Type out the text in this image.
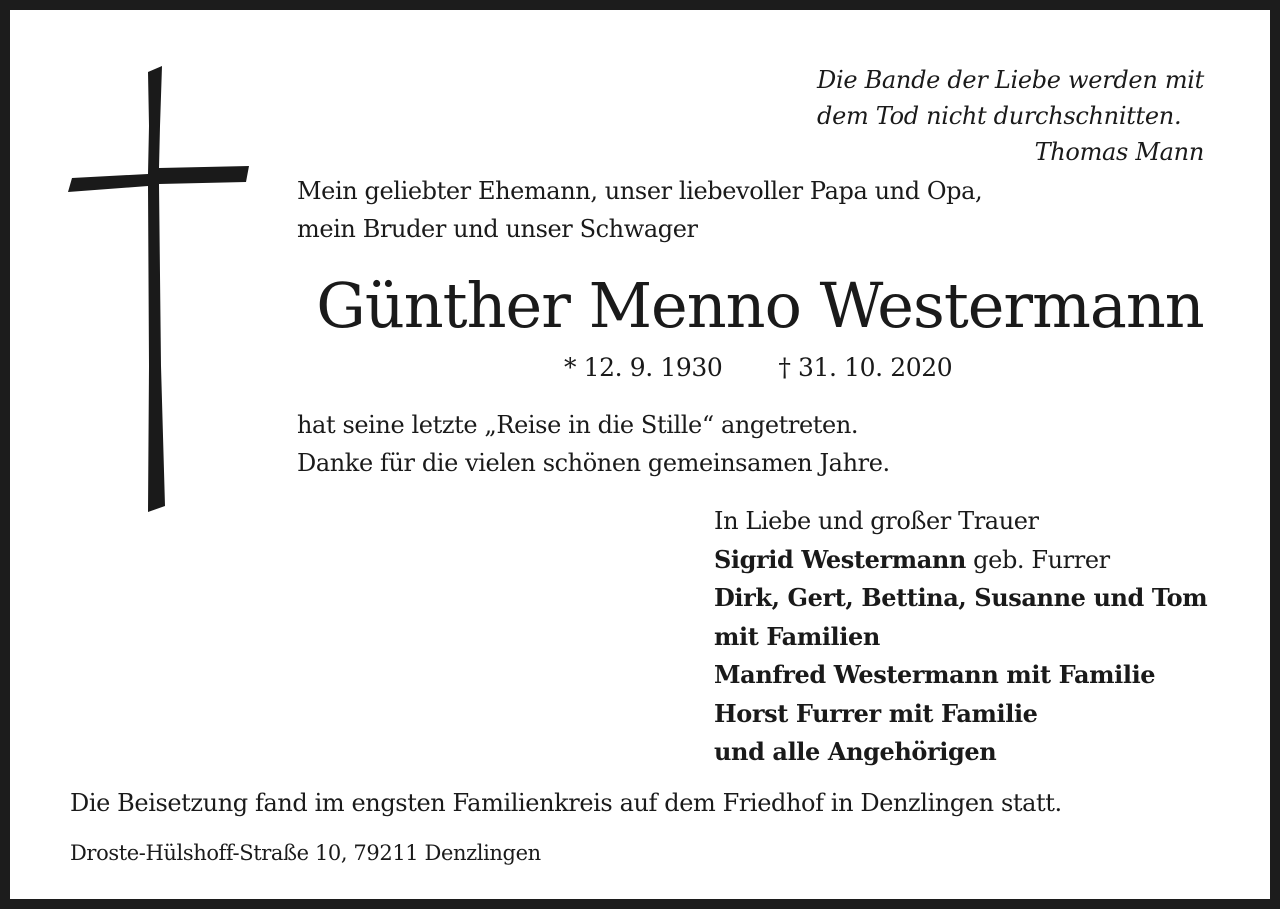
Die Bande der Liebe werden mit
dem Tod nicht durchschnitten.
Thomas Mann
Mein geliebter Ehemann, unser liebevoller Papa und Opa,
mein Bruder und unser Schwager
Günther Menno Westermann
* 12. 9. 1930 † 31. 10. 2020
hat seine letzte „Reise in die Stille“ angetreten.
Danke für die vielen schönen gemeinsamen Jahre.
In Liebe und großer Trauer
Sigrid Westermann geb. Furrer
Dirk, Gert, Bettina, Susanne und Tom
mit Familien
Manfred Westermann mit Familie
Horst Furrer mit Familie
und alle Angehörigen
Die Beisetzung fand im engsten Familienkreis auf dem Friedhof in Denzlingen statt.
Droste-Hülshoff-Straße 10, 79211 Denzlingen
